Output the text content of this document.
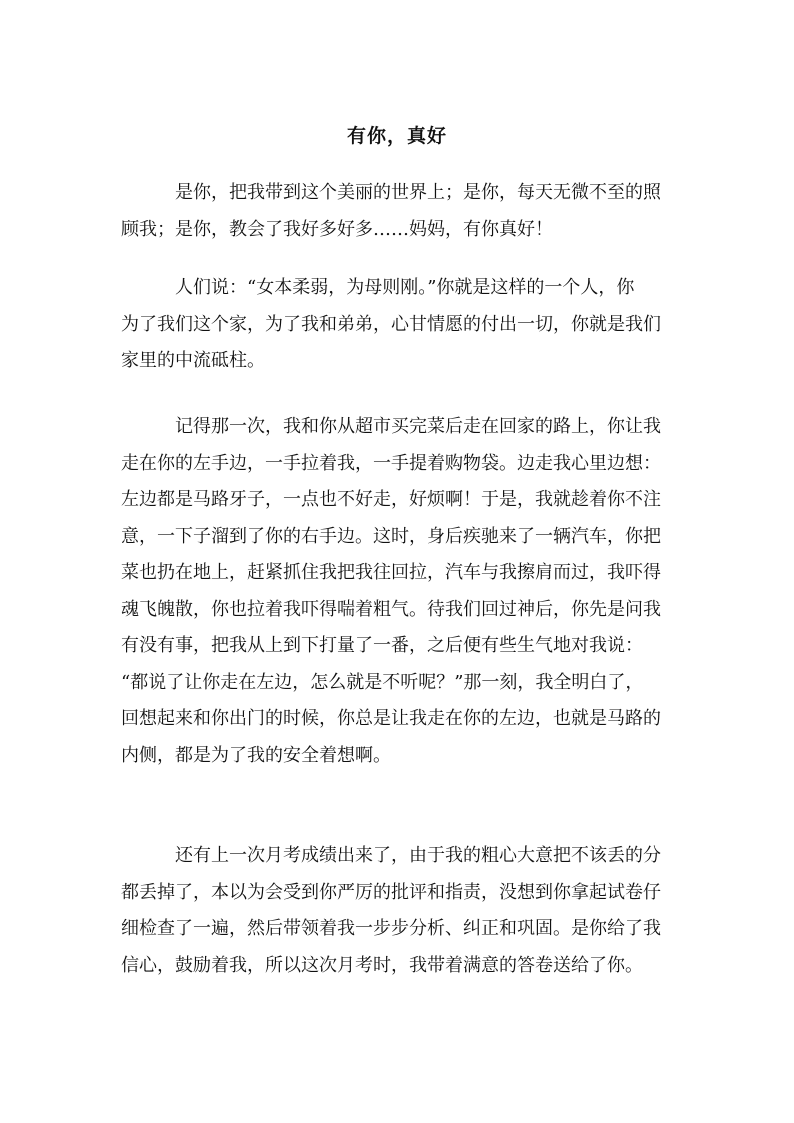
有你，真好
是你，把我带到这个美丽的世界上；是你，每天无微不至的照
顾我；是你，教会了我好多好多……妈妈，有你真好！
人们说：“女本柔弱，为母则刚。”你就是这样的一个人，你
为了我们这个家，为了我和弟弟，心甘情愿的付出一切，你就是我们
家里的中流砥柱。
记得那一次，我和你从超市买完菜后走在回家的路上，你让我
走在你的左手边，一手拉着我，一手提着购物袋。边走我心里边想：
左边都是马路牙子，一点也不好走，好烦啊！于是，我就趁着你不注
意，一下子溜到了你的右手边。这时，身后疾驰来了一辆汽车，你把
菜也扔在地上，赶紧抓住我把我往回拉，汽车与我擦肩而过，我吓得
魂飞魄散，你也拉着我吓得喘着粗气。待我们回过神后，你先是问我
有没有事，把我从上到下打量了一番，之后便有些生气地对我说：
“都说了让你走在左边，怎么就是不听呢？”那一刻，我全明白了，
回想起来和你出门的时候，你总是让我走在你的左边，也就是马路的
内侧，都是为了我的安全着想啊。
还有上一次月考成绩出来了，由于我的粗心大意把不该丢的分
都丢掉了，本以为会受到你严厉的批评和指责，没想到你拿起试卷仔
细检查了一遍，然后带领着我一步步分析、纠正和巩固。是你给了我
信心，鼓励着我，所以这次月考时，我带着满意的答卷送给了你。
